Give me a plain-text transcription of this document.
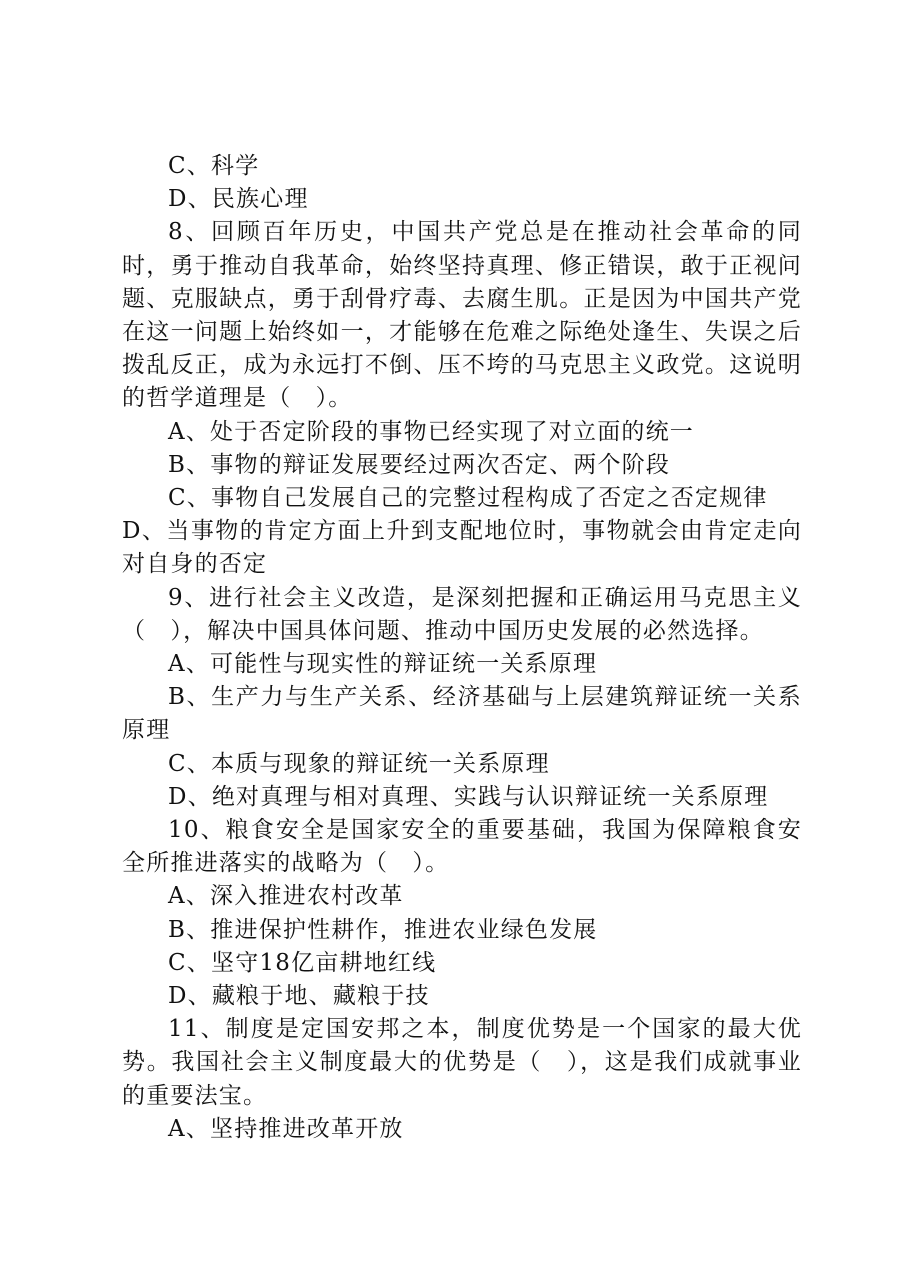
C、科学

D、民族心理

8、回顾百年历史，中国共产党总是在推动社会革命的同时，勇于推动自我革命，始终坚持真理、修正错误，敢于正视问题、克服缺点，勇于刮骨疗毒、去腐生肌。正是因为中国共产党在这一问题上始终如一，才能够在危难之际绝处逢生、失误之后拨乱反正，成为永远打不倒、压不垮的马克思主义政党。这说明的哲学道理是（　）。

A、处于否定阶段的事物已经实现了对立面的统一

B、事物的辩证发展要经过两次否定、两个阶段

C、事物自己发展自己的完整过程构成了否定之否定规律

D、当事物的肯定方面上升到支配地位时，事物就会由肯定走向对自身的否定

9、进行社会主义改造，是深刻把握和正确运用马克思主义（　），解决中国具体问题、推动中国历史发展的必然选择。

A、可能性与现实性的辩证统一关系原理

B、生产力与生产关系、经济基础与上层建筑辩证统一关系原理

C、本质与现象的辩证统一关系原理

D、绝对真理与相对真理、实践与认识辩证统一关系原理

10、粮食安全是国家安全的重要基础，我国为保障粮食安全所推进落实的战略为（　）。

A、深入推进农村改革

B、推进保护性耕作，推进农业绿色发展

C、坚守18亿亩耕地红线

D、藏粮于地、藏粮于技

11、制度是定国安邦之本，制度优势是一个国家的最大优势。我国社会主义制度最大的优势是（　），这是我们成就事业的重要法宝。

A、坚持推进改革开放
